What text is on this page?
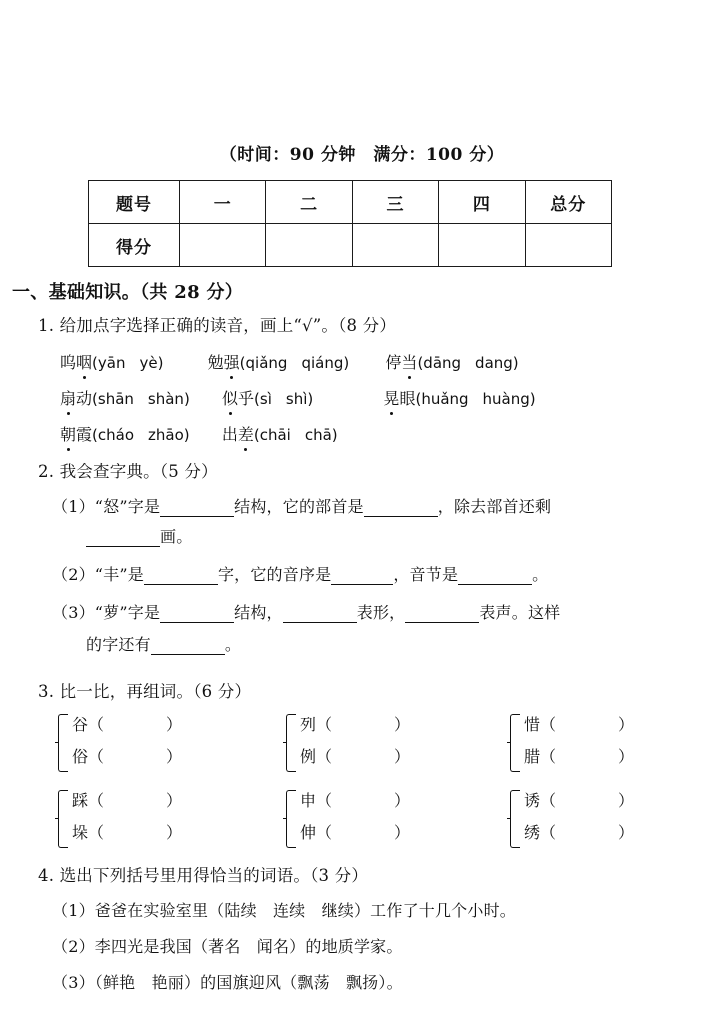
（时间：90 分钟　满分：100 分）
题号	一	二	三	四	总分
得分					
一、基础知识。（共 28 分）
1. 给加点字选择正确的读音，画上“√”。（8 分）
呜咽(yān yè)	勉强(qiǎng qiáng) 停当(dāng dang)
扇动(shān shàn) 似乎(sì shì)	晃眼(huǎng huàng)
朝霞(cháo zhāo) 出差(chāi chā)
2. 我会查字典。（5 分）
（1）“怒”字是	结构，它的部首是	，除去部首还剩
画。
（2）“丰”是	字，它的音序是	，音节是	。
（3）“萝”字是	结构，	表形，	表声。这样
的字还有	。
3. 比一比，再组词。（6 分）
谷（	）
俗（	）
列（	）
例（	）
惜（	）
腊（	）
踩（	）
垛（	）
申（	）
伸（	）
诱（	）
绣（	）
4. 选出下列括号里用得恰当的词语。（3 分）
（1）爸爸在实验室里（陆续　连续　继续）工作了十几个小时。
（2）李四光是我国（著名　闻名）的地质学家。
（3）（鲜艳　艳丽）的国旗迎风（飘荡　飘扬）。
